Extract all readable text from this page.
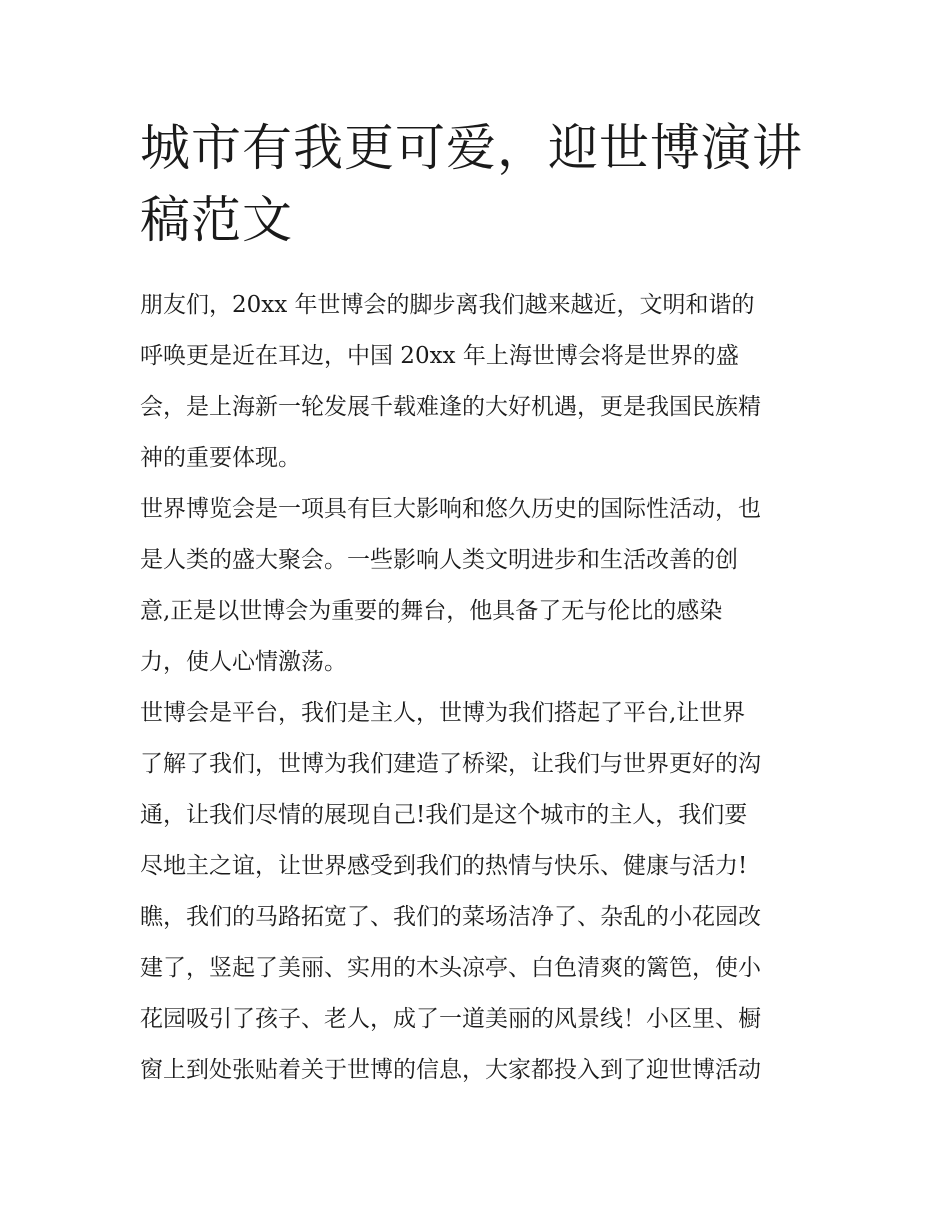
城市有我更可爱，迎世博演讲
稿范文

朋友们，20xx 年世博会的脚步离我们越来越近，文明和谐的
呼唤更是近在耳边，中国 20xx 年上海世博会将是世界的盛
会，是上海新一轮发展千载难逢的大好机遇，更是我国民族精
神的重要体现。

世界博览会是一项具有巨大影响和悠久历史的国际性活动，也
是人类的盛大聚会。一些影响人类文明进步和生活改善的创
意,正是以世博会为重要的舞台，他具备了无与伦比的感染
力，使人心情激荡。

世博会是平台，我们是主人，世博为我们搭起了平台,让世界
了解了我们，世博为我们建造了桥梁，让我们与世界更好的沟
通，让我们尽情的展现自己!我们是这个城市的主人，我们要
尽地主之谊，让世界感受到我们的热情与快乐、健康与活力!

瞧，我们的马路拓宽了、我们的菜场洁净了、杂乱的小花园改
建了，竖起了美丽、实用的木头凉亭、白色清爽的篱笆，使小
花园吸引了孩子、老人，成了一道美丽的风景线！小区里、橱
窗上到处张贴着关于世博的信息，大家都投入到了迎世博活动
